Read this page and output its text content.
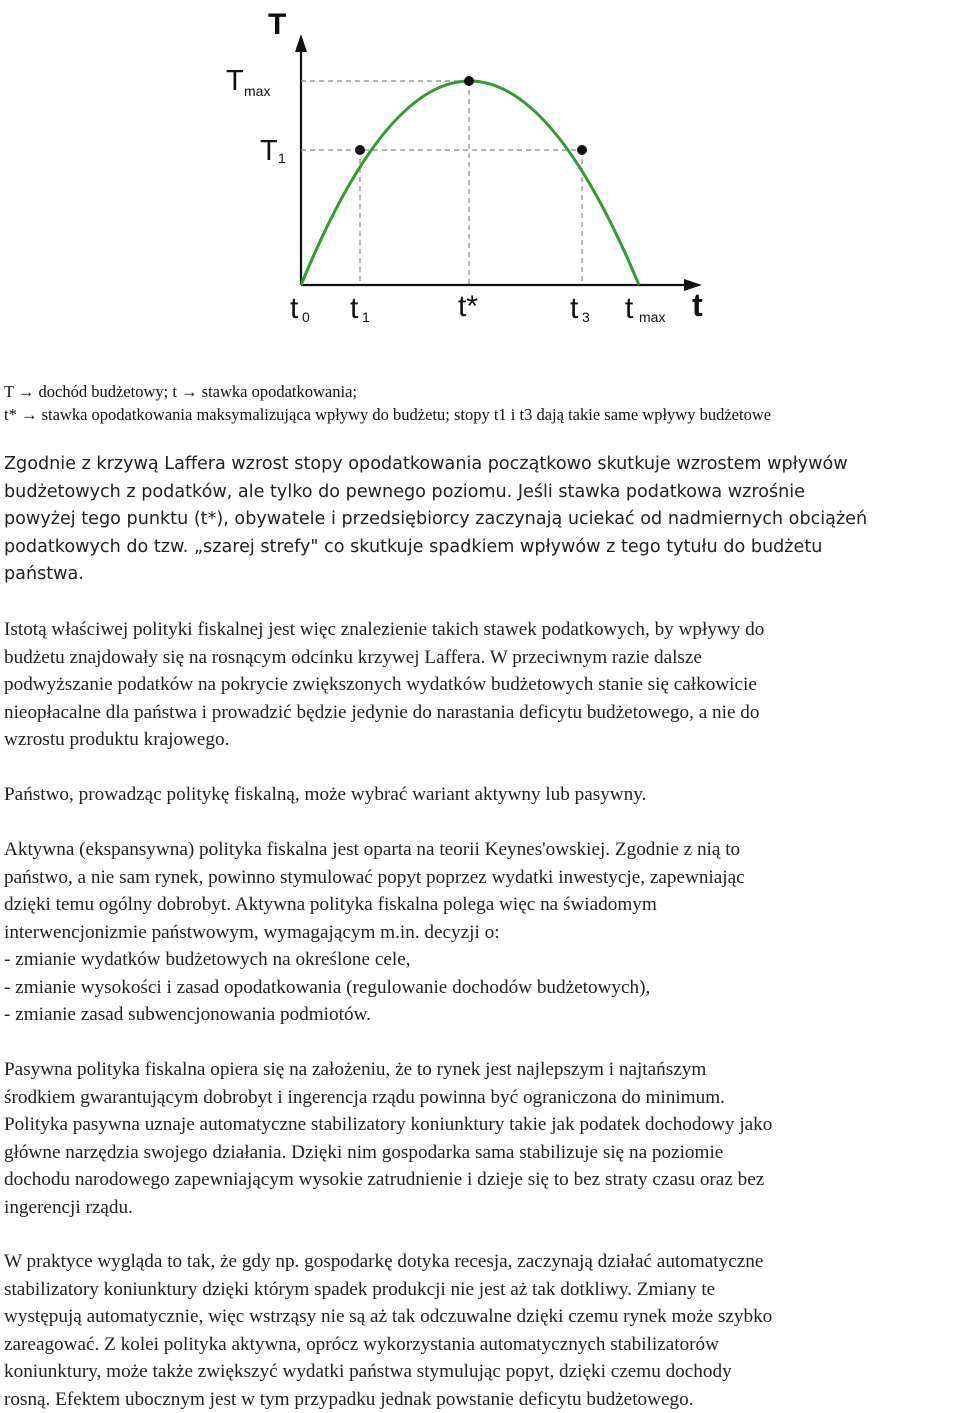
T
T max
T 1
t 0 t 1	t*	t 3 t max t
T → dochód budżetowy; t → stawka opodatkowania;
t* → stawka opodatkowania maksymalizująca wpływy do budżetu; stopy t1 i t3 dają takie same wpływy budżetowe

Zgodnie z krzywą Laffera wzrost stopy opodatkowania początkowo skutkuje wzrostem wpływów
budżetowych z podatków, ale tylko do pewnego poziomu. Jeśli stawka podatkowa wzrośnie
powyżej tego punktu (t*), obywatele i przedsiębiorcy zaczynają uciekać od nadmiernych obciążeń
podatkowych do tzw. „szarej strefy" co skutkuje spadkiem wpływów z tego tytułu do budżetu
państwa.

Istotą właściwej polityki fiskalnej jest więc znalezienie takich stawek podatkowych, by wpływy do
budżetu znajdowały się na rosnącym odcinku krzywej Laffera. W przeciwnym razie dalsze
podwyższanie podatków na pokrycie zwiększonych wydatków budżetowych stanie się całkowicie
nieopłacalne dla państwa i prowadzić będzie jedynie do narastania deficytu budżetowego, a nie do
wzrostu produktu krajowego.

Państwo, prowadząc politykę fiskalną, może wybrać wariant aktywny lub pasywny.

Aktywna (ekspansywna) polityka fiskalna jest oparta na teorii Keynes'owskiej. Zgodnie z nią to
państwo, a nie sam rynek, powinno stymulować popyt poprzez wydatki inwestycje, zapewniając
dzięki temu ogólny dobrobyt. Aktywna polityka fiskalna polega więc na świadomym
interwencjonizmie państwowym, wymagającym m.in. decyzji o:
- zmianie wydatków budżetowych na określone cele,
- zmianie wysokości i zasad opodatkowania (regulowanie dochodów budżetowych),
- zmianie zasad subwencjonowania podmiotów.

Pasywna polityka fiskalna opiera się na założeniu, że to rynek jest najlepszym i najtańszym
środkiem gwarantującym dobrobyt i ingerencja rządu powinna być ograniczona do minimum.
Polityka pasywna uznaje automatyczne stabilizatory koniunktury takie jak podatek dochodowy jako
główne narzędzia swojego działania. Dzięki nim gospodarka sama stabilizuje się na poziomie
dochodu narodowego zapewniającym wysokie zatrudnienie i dzieje się to bez straty czasu oraz bez
ingerencji rządu.

W praktyce wygląda to tak, że gdy np. gospodarkę dotyka recesja, zaczynają działać automatyczne
stabilizatory koniunktury dzięki którym spadek produkcji nie jest aż tak dotkliwy. Zmiany te
występują automatycznie, więc wstrząsy nie są aż tak odczuwalne dzięki czemu rynek może szybko
zareagować. Z kolei polityka aktywna, oprócz wykorzystania automatycznych stabilizatorów
koniunktury, może także zwiększyć wydatki państwa stymulując popyt, dzięki czemu dochody
rosną. Efektem ubocznym jest w tym przypadku jednak powstanie deficytu budżetowego.
